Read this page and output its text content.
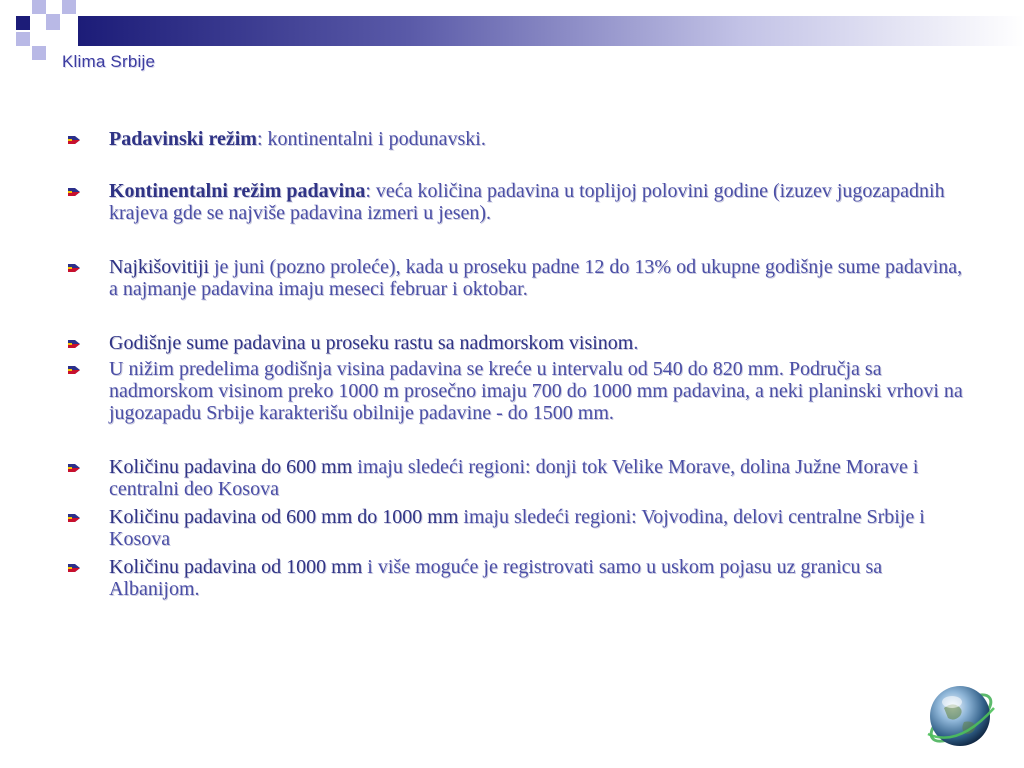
Klima Srbije
Padavinski režim: kontinentalni i podunavski.
Kontinentalni režim padavina: veća količina padavina u toplijoj polovini godine (izuzev jugozapadnih krajeva gde se najviše padavina izmeri u jesen).
Najkišovitiji je juni (pozno proleće), kada u proseku padne 12 do 13% od ukupne godišnje sume padavina, a najmanje padavina imaju meseci februar i oktobar.
Godišnje sume padavina u proseku rastu sa nadmorskom visinom.
U nižim predelima godišnja visina padavina se kreće u intervalu od 540 do 820 mm. Područja sa nadmorskom visinom preko 1000 m prosečno imaju 700 do 1000 mm padavina, a neki planinski vrhovi na jugozapadu Srbije karakterišu obilnije padavine - do 1500 mm.
Količinu padavina do 600 mm imaju sledeći regioni: donji tok Velike Morave, dolina Južne Morave i centralni deo Kosova
Količinu padavina od 600 mm do 1000 mm imaju sledeći regioni: Vojvodina, delovi centralne Srbije i Kosova
Količinu padavina od 1000 mm i više moguće je registrovati samo u uskom pojasu uz granicu sa Albanijom.
